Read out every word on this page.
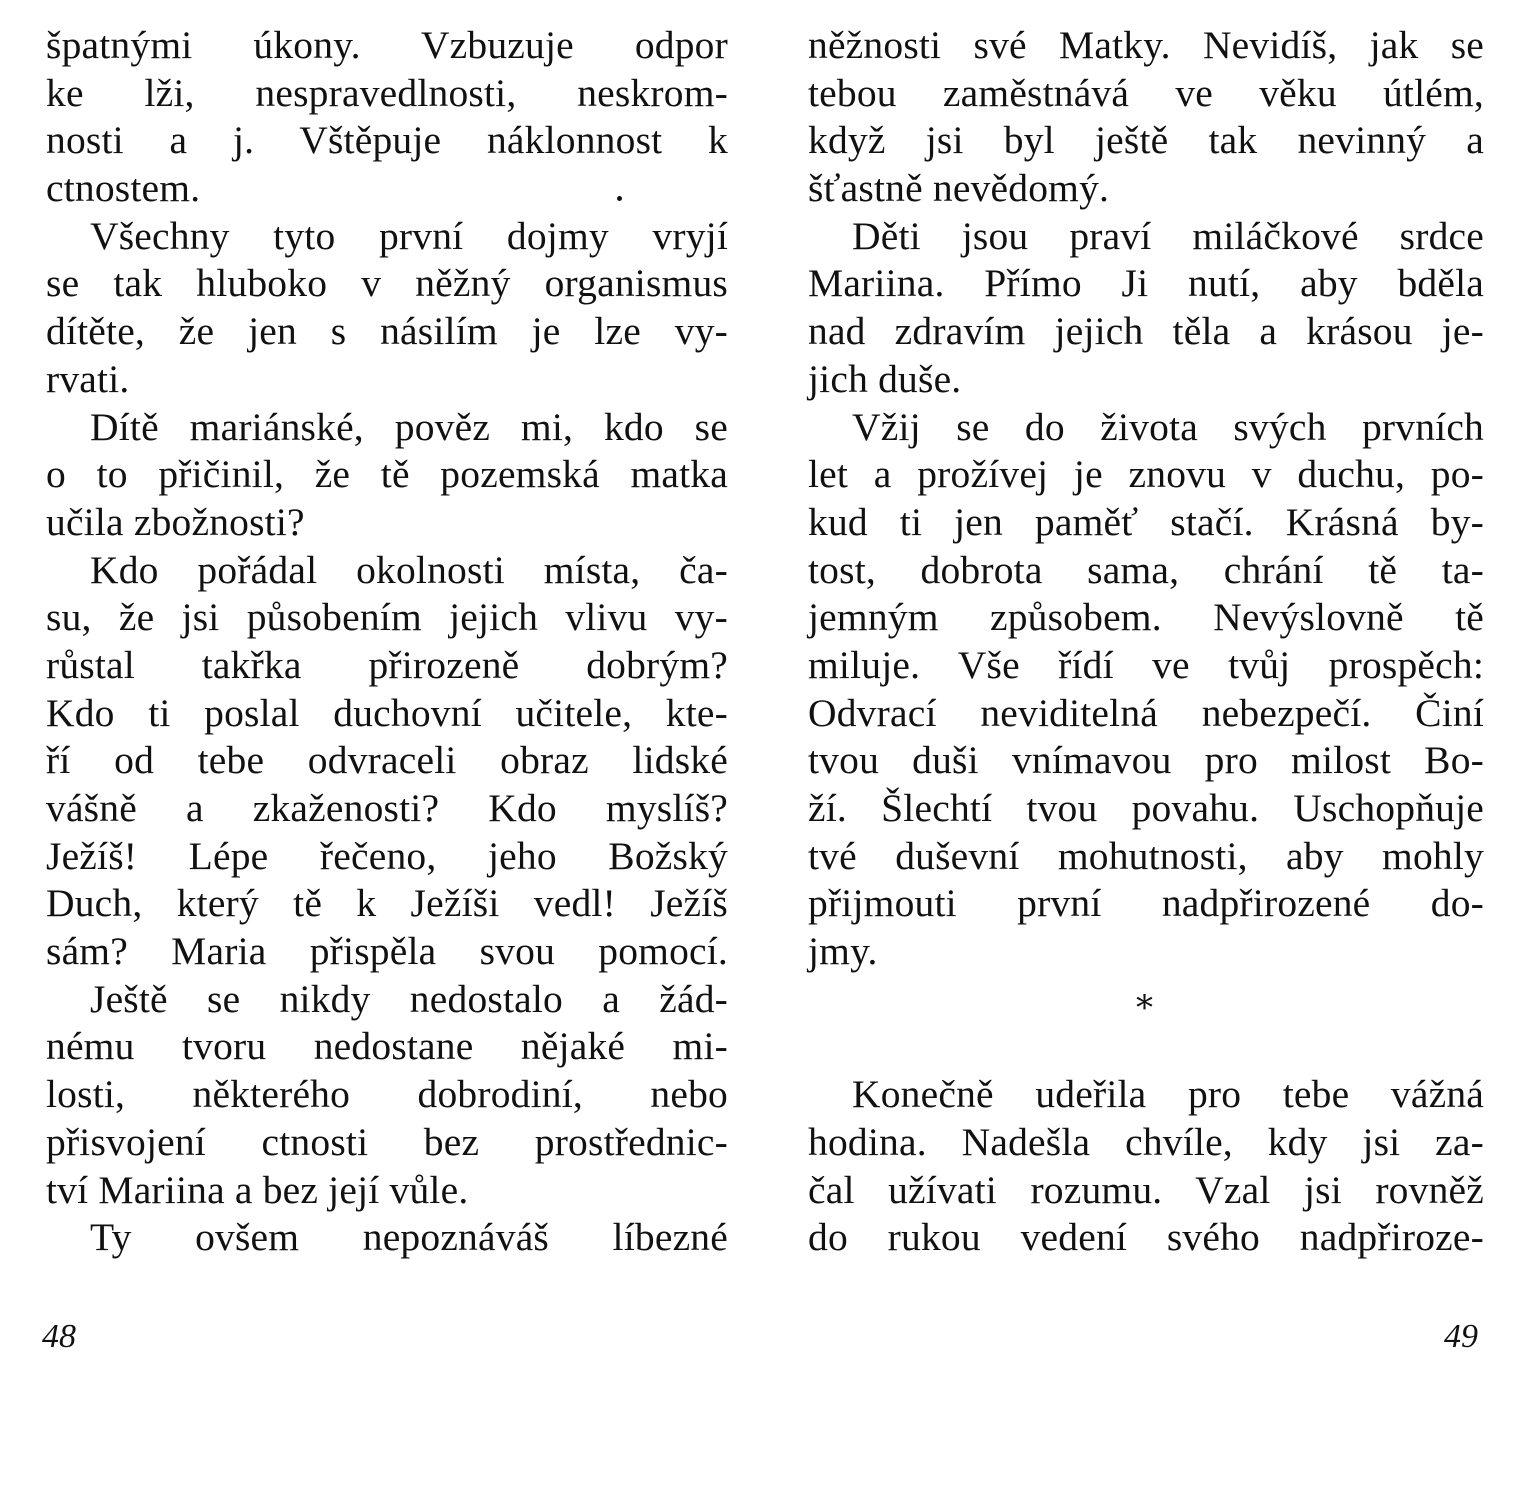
špatnými úkony. Vzbuzuje odpor
ke lži, nespravedlnosti, neskrom-
nosti a j. Vštěpuje náklonnost k
ctnostem.
Všechny tyto první dojmy vryjí
se tak hluboko v něžný organismus
dítěte, že jen s násilím je lze vy-
rvati.
Dítě mariánské, pověz mi, kdo se
o to přičinil, že tě pozemská matka
učila zbožnosti?
Kdo pořádal okolnosti místa, ča-
su, že jsi působením jejich vlivu vy-
růstal takřka přirozeně dobrým?
Kdo ti poslal duchovní učitele, kte-
ří od tebe odvraceli obraz lidské
vášně a zkaženosti? Kdo myslíš?
Ježíš! Lépe řečeno, jeho Božský
Duch, který tě k Ježíši vedl! Ježíš
sám? Maria přispěla svou pomocí.
Ještě se nikdy nedostalo a žád-
nému tvoru nedostane nějaké mi-
losti, některého dobrodiní, nebo
přisvojení ctnosti bez prostřednic-
tví Mariina a bez její vůle.
Ty ovšem nepoznáváš líbezné
48
něžnosti své Matky. Nevidíš, jak se
tebou zaměstnává ve věku útlém,
když jsi byl ještě tak nevinný a
šťastně nevědomý.
Děti jsou praví miláčkové srdce
Mariina. Přímo Ji nutí, aby bděla
nad zdravím jejich těla a krásou je-
jich duše.
Vžij se do života svých prvních
let a prožívej je znovu v duchu, po-
kud ti jen paměť stačí. Krásná by-
tost, dobrota sama, chrání tě ta-
jemným způsobem. Nevýslovně tě
miluje. Vše řídí ve tvůj prospěch:
Odvrací neviditelná nebezpečí. Činí
tvou duši vnímavou pro milost Bo-
ží. Šlechtí tvou povahu. Uschopňuje
tvé duševní mohutnosti, aby mohly
přijmouti první nadpřirozené do-
jmy.
Konečně udeřila pro tebe vážná
hodina. Nadešla chvíle, kdy jsi za-
čal užívati rozumu. Vzal jsi rovněž
do rukou vedení svého nadpřiroze-
*
49
